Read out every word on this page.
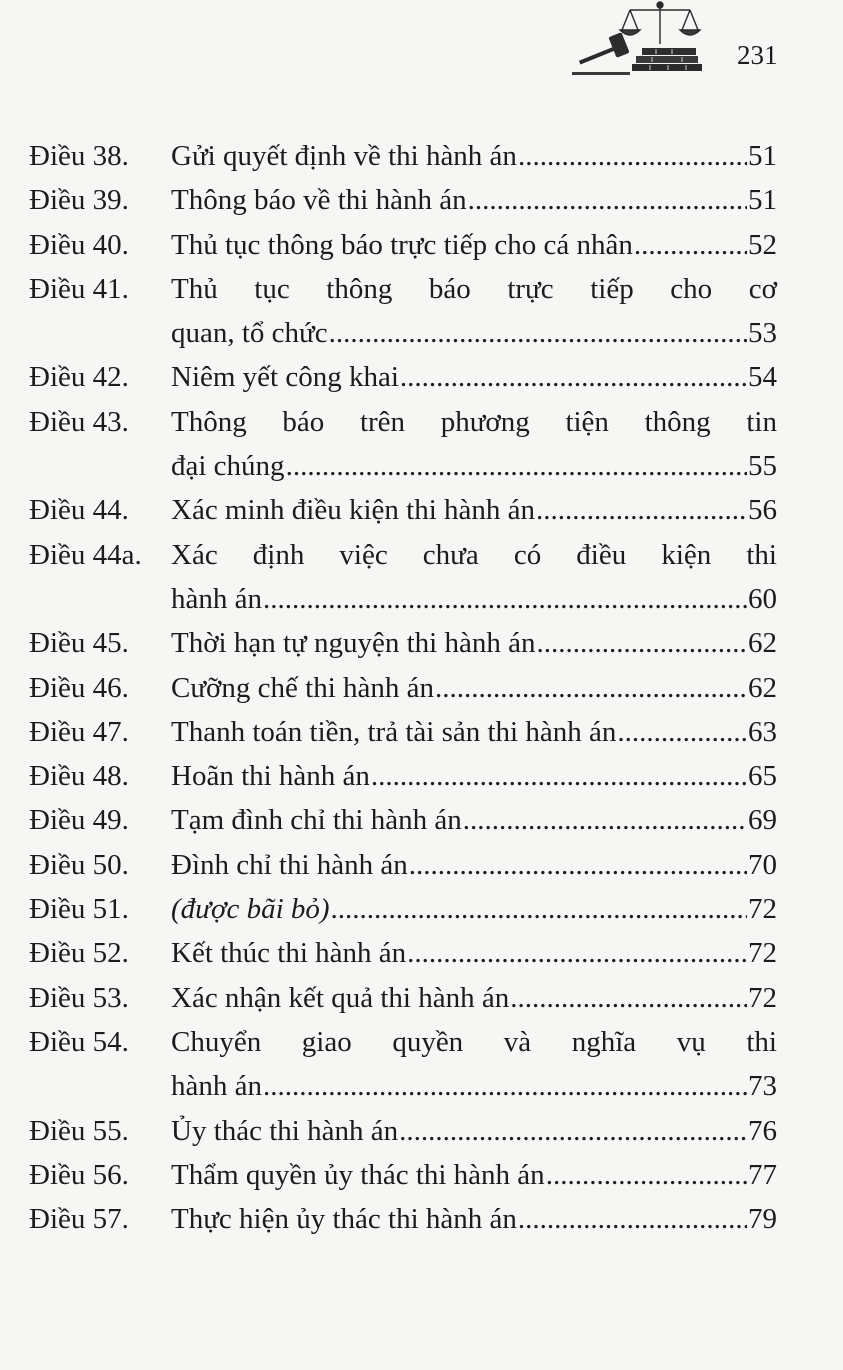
231
Điều 38.	Gửi quyết định về thi hành án .....	51
Điều 39.	Thông báo về thi hành án .....	51
Điều 40.	Thủ tục thông báo trực tiếp cho cá nhân .....	52
Điều 41.	Thủ tục thông báo trực tiếp cho cơ
quan, tổ chức .....	53
Điều 42.	Niêm yết công khai .....	54
Điều 43.	Thông báo trên phương tiện thông tin
đại chúng .....	55
Điều 44.	Xác minh điều kiện thi hành án .....	56
Điều 44a.	Xác định việc chưa có điều kiện thi
hành án .....	60
Điều 45.	Thời hạn tự nguyện thi hành án .....	62
Điều 46.	Cưỡng chế thi hành án .....	62
Điều 47.	Thanh toán tiền, trả tài sản thi hành án .....	63
Điều 48.	Hoãn thi hành án .....	65
Điều 49.	Tạm đình chỉ thi hành án .....	69
Điều 50.	Đình chỉ thi hành án .....	70
Điều 51.	(được bãi bỏ) .....	72
Điều 52.	Kết thúc thi hành án .....	72
Điều 53.	Xác nhận kết quả thi hành án .....	72
Điều 54.	Chuyển giao quyền và nghĩa vụ thi
hành án .....	73
Điều 55.	Ủy thác thi hành án .....	76
Điều 56.	Thẩm quyền ủy thác thi hành án .....	77
Điều 57.	Thực hiện ủy thác thi hành án .....	79
